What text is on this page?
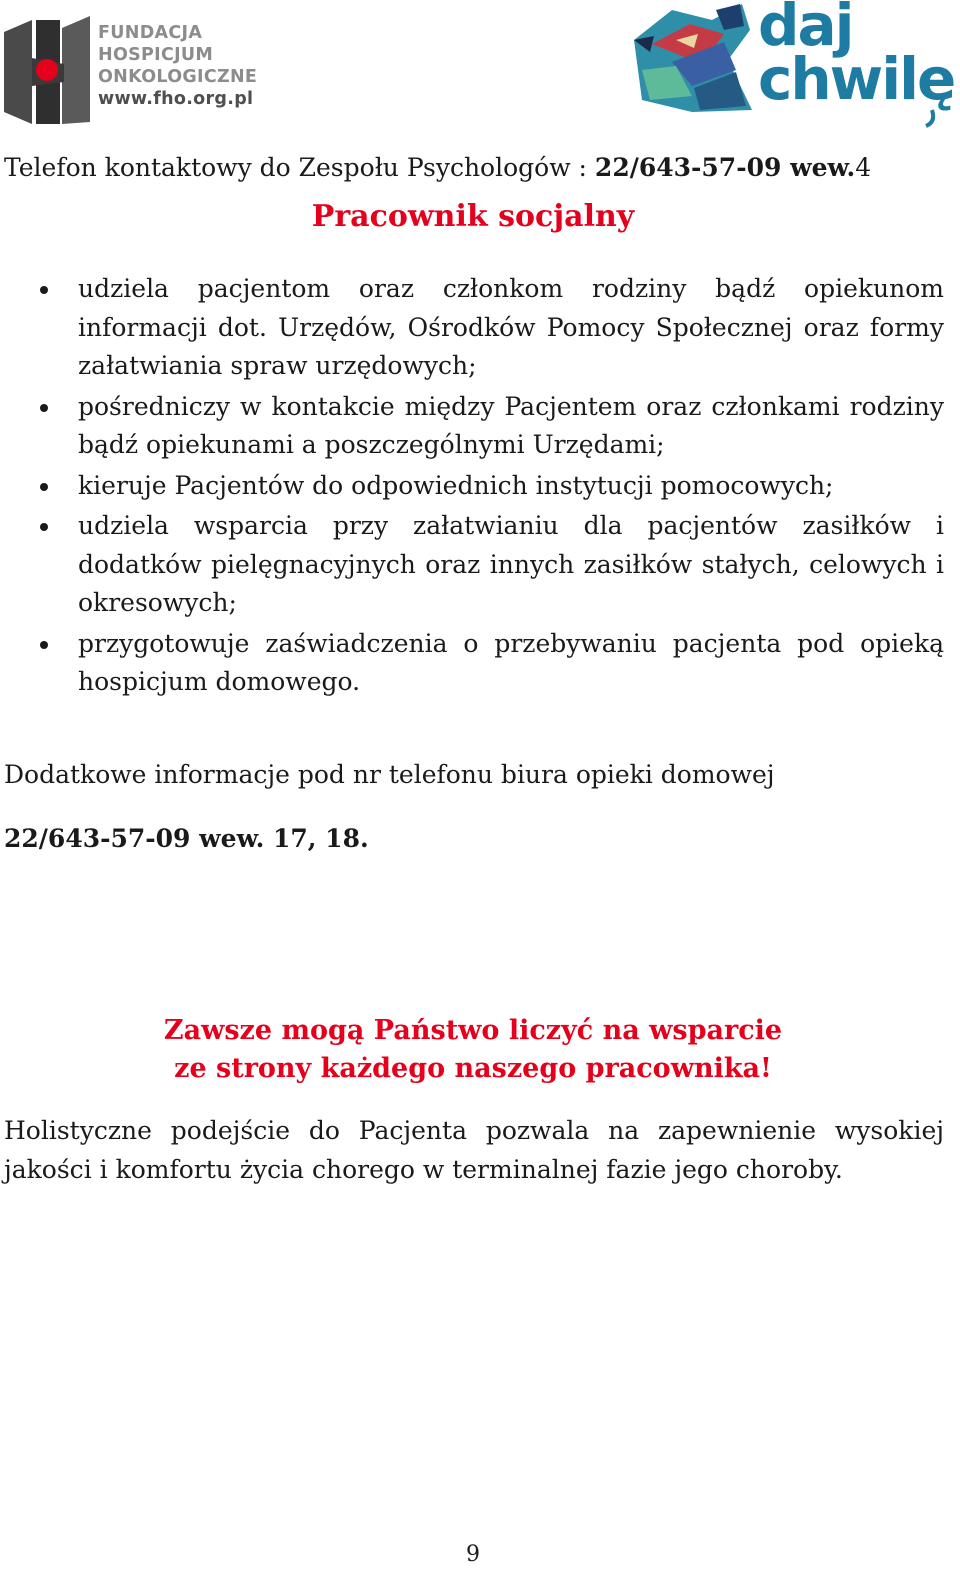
FUNDACJA
HOSPICJUM
ONKOLOGICZNE
www.fho.org.pl
daj
chwilę
Telefon kontaktowy do Zespołu Psychologów : 22/643-57-09 wew.4
Pracownik socjalny
udziela pacjentom oraz członkom rodziny bądź opiekunom informacji dot. Urzędów, Ośrodków Pomocy Społecznej oraz formy załatwiania spraw urzędowych;
pośredniczy w kontakcie między Pacjentem oraz członkami rodziny bądź opiekunami a poszczególnymi Urzędami;
kieruje Pacjentów do odpowiednich instytucji pomocowych;
udziela wsparcia przy załatwianiu dla pacjentów zasiłków i dodatków pielęgnacyjnych oraz innych zasiłków stałych, celowych i okresowych;
przygotowuje zaświadczenia o przebywaniu pacjenta pod opieką hospicjum domowego.
Dodatkowe informacje pod nr telefonu biura opieki domowej
22/643-57-09 wew. 17, 18.
Zawsze mogą Państwo liczyć na wsparcie
ze strony każdego naszego pracownika!
Holistyczne podejście do Pacjenta pozwala na zapewnienie wysokiej jakości i komfortu życia chorego w terminalnej fazie jego choroby.
9
